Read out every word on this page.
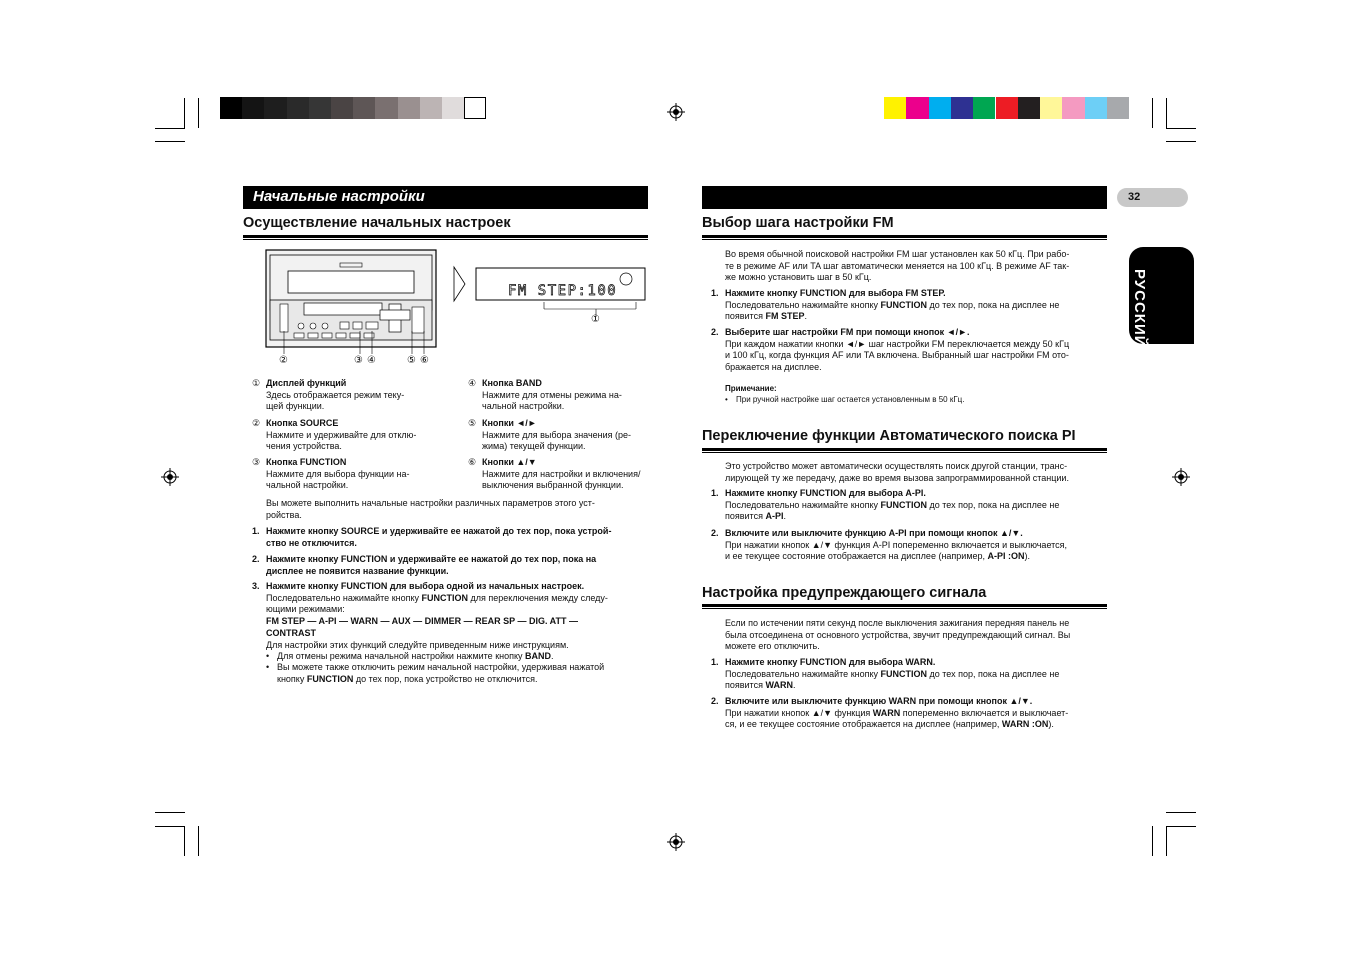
Начальные настройки
Осуществление начальных настроек
FM STEP:100
①
②	③ ④	⑤ ⑥
① Дисплей функций
Здесь отображается режим теку-
щей функции.
② Кнопка SOURCE
Нажмите и удерживайте для отклю-
чения устройства.
③ Кнопка FUNCTION
Нажмите для выбора функции на-
чальной настройки.
④ Кнопка BAND
Нажмите для отмены режима на-
чальной настройки.
⑤ Кнопки ◄/►
Нажмите для выбора значения (ре-
жима) текущей функции.
⑥ Кнопки ▲/▼
Нажмите для настройки и включения/
выключения выбранной функции.
Вы можете выполнить начальные настройки различных параметров этого уст-
ройства.
1. Нажмите кнопку SOURCE и удерживайте ее нажатой до тех пор, пока устрой-
ство не отключится.
2. Нажмите кнопку FUNCTION и удерживайте ее нажатой до тех пор, пока на
дисплее не появится название функции.
3. Нажмите кнопку FUNCTION для выбора одной из начальных настроек.
Последовательно нажимайте кнопку FUNCTION для переключения между следу-
ющими режимами:
FM STEP — A-PI — WARN — AUX — DIMMER — REAR SP — DIG. ATT —
CONTRAST
Для настройки этих функций следуйте приведенным ниже инструкциям.
• Для отмены режима начальной настройки нажмите кнопку BAND.
• Вы можете также отключить режим начальной настройки, удерживая нажатой
кнопку FUNCTION до тех пор, пока устройство не отключится.
32
РУССКИЙ
Выбор шага настройки FM
Во время обычной поисковой настройки FM шаг установлен как 50 кГц. При рабо-
те в режиме AF или TA шаг автоматически меняется на 100 кГц. В режиме AF так-
же можно установить шаг в 50 кГц.
1. Нажмите кнопку FUNCTION для выбора FM STEP.
Последовательно нажимайте кнопку FUNCTION до тех пор, пока на дисплее не
появится FM STEP.
2. Выберите шаг настройки FM при помощи кнопок ◄/►.
При каждом нажатии кнопки ◄/► шаг настройки FM переключается между 50 кГц
и 100 кГц, когда функция AF или TA включена. Выбранный шаг настройки FM ото-
бражается на дисплее.
Примечание:
• При ручной настройке шаг остается установленным в 50 кГц.
Переключение функции Автоматического поиска PI
Это устройство может автоматически осуществлять поиск другой станции, транс-
лирующей ту же передачу, даже во время вызова запрограммированной станции.
1. Нажмите кнопку FUNCTION для выбора A-PI.
Последовательно нажимайте кнопку FUNCTION до тех пор, пока на дисплее не
появится A-PI.
2. Включите или выключите функцию A-PI при помощи кнопок ▲/▼.
При нажатии кнопок ▲/▼ функция A-PI попеременно включается и выключается,
и ее текущее состояние отображается на дисплее (например, A-PI :ON).
Настройка предупреждающего сигнала
Если по истечении пяти секунд после выключения зажигания передняя панель не
была отсоединена от основного устройства, звучит предупреждающий сигнал. Вы
можете его отключить.
1. Нажмите кнопку FUNCTION для выбора WARN.
Последовательно нажимайте кнопку FUNCTION до тех пор, пока на дисплее не
появится WARN.
2. Включите или выключите функцию WARN при помощи кнопок ▲/▼.
При нажатии кнопок ▲/▼ функция WARN попеременно включается и выключает-
ся, и ее текущее состояние отображается на дисплее (например, WARN :ON).
